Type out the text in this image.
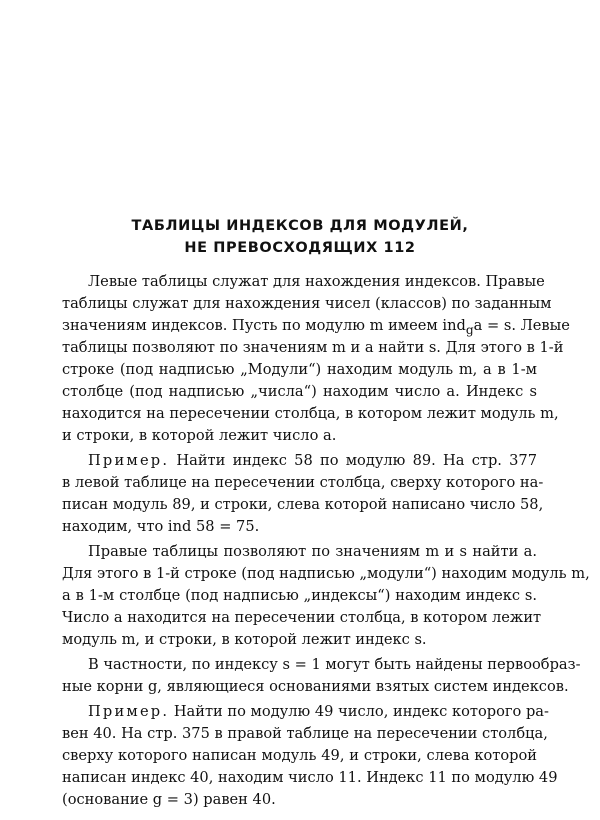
ТАБЛИЦЫ ИНДЕКСОВ ДЛЯ МОДУЛЕЙ,
НЕ ПРЕВОСХОДЯЩИХ 112
Левые таблицы служат для нахождения индексов. Правые
таблицы служат для нахождения чисел (классов) по заданным
значениям индексов. Пусть по модулю m имеем ind$_g$a = s. Левые
таблицы позволяют по значениям m и a найти s. Для этого в 1-й
строке (под надписью „Модули“) находим модуль m, а в 1-м
столбце (под надписью „числа“) находим число a. Индекс s
находится на пересечении столбца, в котором лежит модуль m,
и строки, в которой лежит число a.
Пример. Найти индекс 58 по модулю 89. На стр. 377
в левой таблице на пересечении столбца, сверху которого на-
писан модуль 89, и строки, слева которой написано число 58,
находим, что ind 58 = 75.
Правые таблицы позволяют по значениям m и s найти a.
Для этого в 1-й строке (под надписью „модули“) находим модуль m,
а в 1-м столбце (под надписью „индексы“) находим индекс s.
Число a находится на пересечении столбца, в котором лежит
модуль m, и строки, в которой лежит индекс s.
В частности, по индексу s = 1 могут быть найдены первообраз-
ные корни g, являющиеся основаниями взятых систем индексов.
Пример. Найти по модулю 49 число, индекс которого ра-
вен 40. На стр. 375 в правой таблице на пересечении столбца,
сверху которого написан модуль 49, и строки, слева которой
написан индекс 40, находим число 11. Индекс 11 по модулю 49
(основание g = 3) равен 40.
